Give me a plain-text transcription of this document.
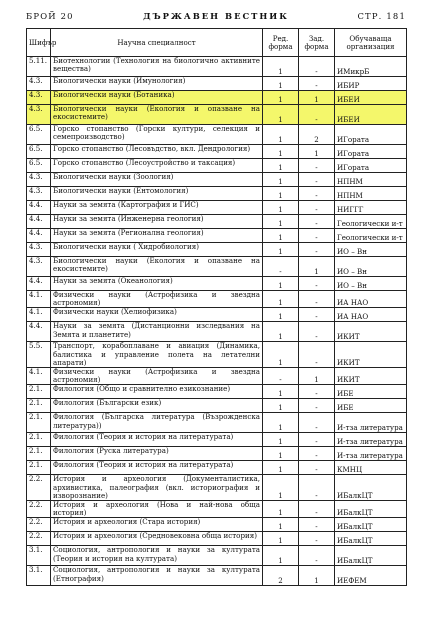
БРОЙ 20	ДЪРЖАВЕН ВЕСТНИК	СТР. 181
Шифър	Научна специалност	Ред. форма	Зад. форма	Обучаваща организация
5.11.	Биотехнологии (Технология на биологично активните вещества)	1	-	ИМикрБ
4.3.	Биологически науки (Имунология)	1	-	ИБИР
4.3.	Биологически науки (Ботаника)	1	1	ИБЕИ
4.3.	Биологически науки (Екология и опазване на екосистемите)	1	-	ИБЕИ
6.5.	Горско стопанство (Горски култури, селекция и семепроизводство)	1	2	ИГората
6.5.	Горско стопанство (Лесовъдство, вкл. Дендрология)	1	1	ИГората
6.5.	Горско стопанство (Лесоустройство и таксация)	1	-	ИГората
4.3.	Биологически науки (Зоология)	1	-	НПНМ
4.3.	Биологически науки (Ентомология)	1	-	НПНМ
4.4.	Науки за земята (Картография и ГИС)	1	-	НИГГГ
4.4.	Науки за земята (Инженерна геология)	1	-	Геологически и-т
4.4.	Науки за земята (Регионална геология)	1	-	Геологически и-т
4.3.	Биологически науки ( Хидробиология)	1	-	ИО – Вн
4.3.	Биологически науки (Екология и опазване на екосистемите)	-	1	ИО – Вн
4.4.	Науки за земята (Океанология)	1	-	ИО – Вн
4.1.	Физически науки (Астрофизика и звездна астрономия)	1	-	ИА НАО
4.1.	Физически науки (Хелиофизика)	1	-	ИА НАО
4.4.	Науки за земята (Дистанционни изследвания на Земята и планетите)	1	-	ИКИТ
5.5.	Транспорт, корабоплаване и авиация (Динамика, балистика и управление полета на летателни апарати)	1	-	ИКИТ
4.1.	Физически науки (Астрофизика и звездна астрономия)	-	1	ИКИТ
2.1.	Филология (Общо и сравнително езикознание)	1	-	ИБЕ
2.1.	Филология (Български език)	1	-	ИБЕ
2.1.	Филология (Българска литература (Възрожденска литература))	1	-	И-тза литература
2.1.	Филология (Теория и история на литературата)	1	-	И-тза литература
2.1.	Филология (Руска литература)	1	-	И-тза литература
2.1.	Филология (Теория и история на литературата)	1	-	КМНЦ
2.2.	История и археология (Документалистика, архивистика, палеография (вкл. историография и изворознание)	1	-	ИБалкЦТ
2.2.	История и археология (Нова и най-нова обща история)	1	-	ИБалкЦТ
2.2.	История и археология (Стара история)	1	-	ИБалкЦТ
2.2.	История и археология (Средновековна обща история)	1	-	ИБалкЦТ
3.1.	Социология, антропология и науки за културата (Теория и история на културата)	1	-	ИБалкЦТ
3.1.	Социология, антропология и науки за културата (Етнография)	2	1	ИЕФЕМ
